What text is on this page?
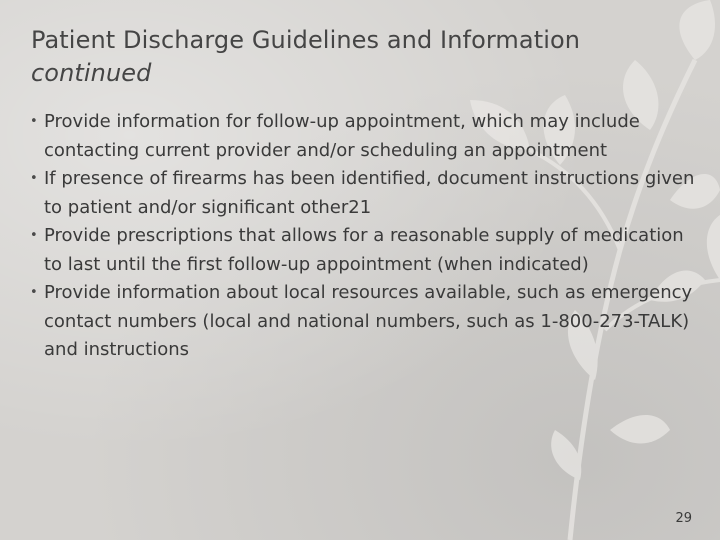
Patient Discharge Guidelines and Information
continued
• Provide information for follow-up appointment, which may include contacting current provider and/or scheduling an appointment
• If presence of firearms has been identified, document instructions given to patient and/or significant other21
• Provide prescriptions that allows for a reasonable supply of medication to last until the first follow-up appointment (when indicated)
• Provide information about local resources available, such as emergency contact numbers (local and national numbers, such as 1-800-273-TALK) and instructions
29
